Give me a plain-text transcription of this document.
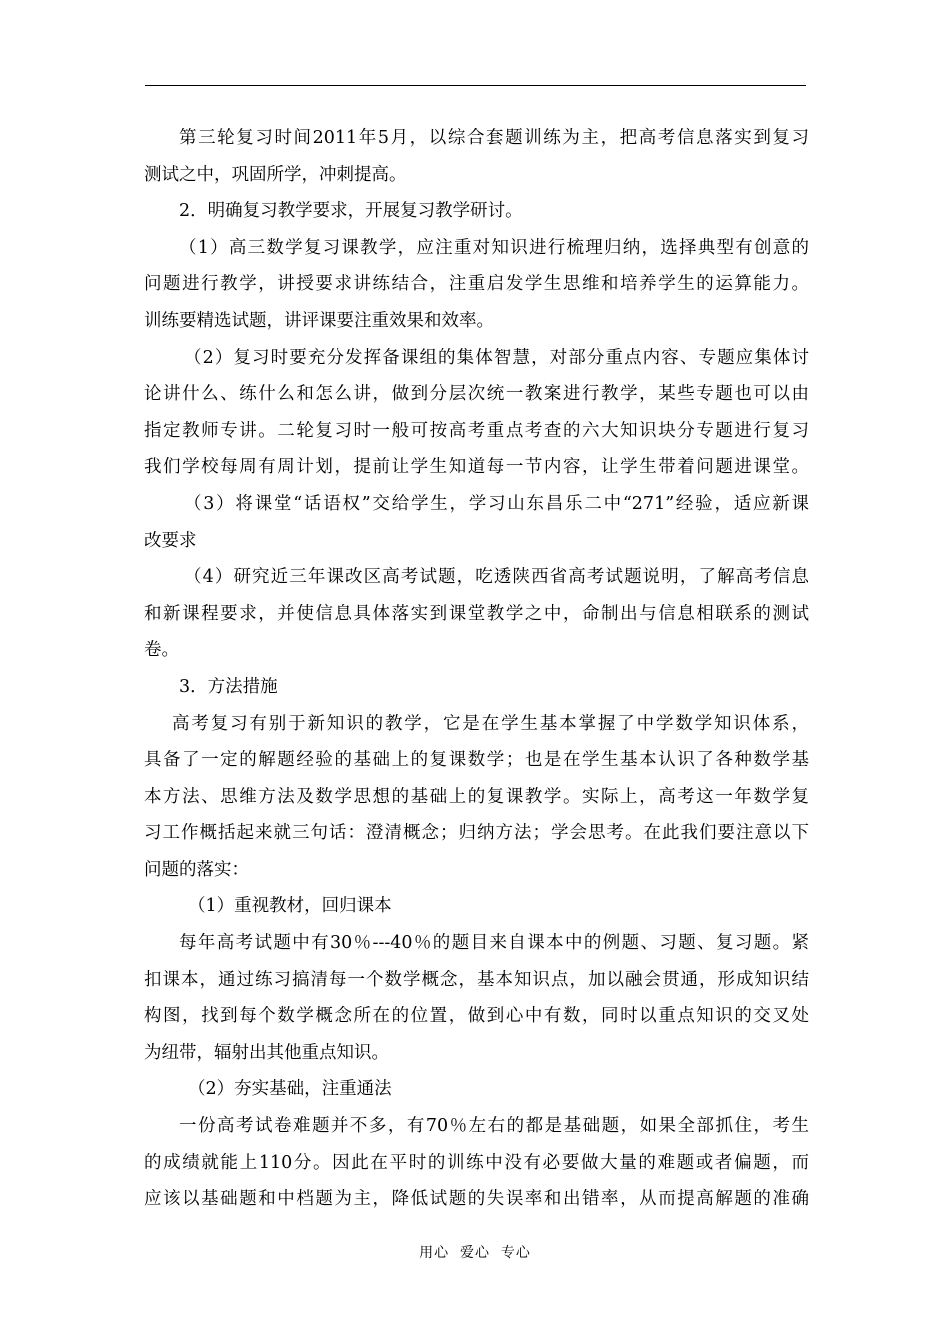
第三轮复习时间2011年5月，以综合套题训练为主，把高考信息落实到复习
测试之中，巩固所学，冲刺提高。
2．明确复习教学要求，开展复习教学研讨。
（1）高三数学复习课教学，应注重对知识进行梳理归纳，选择典型有创意的
问题进行教学，讲授要求讲练结合，注重启发学生思维和培养学生的运算能力。
训练要精选试题，讲评课要注重效果和效率。
（2）复习时要充分发挥备课组的集体智慧，对部分重点内容、专题应集体讨
论讲什么、练什么和怎么讲，做到分层次统一教案进行教学，某些专题也可以由
指定教师专讲。二轮复习时一般可按高考重点考查的六大知识块分专题进行复习
我们学校每周有周计划，提前让学生知道每一节内容，让学生带着问题进课堂。
（3）将课堂“话语权”交给学生，学习山东昌乐二中“271”经验，适应新课
改要求
（4）研究近三年课改区高考试题，吃透陕西省高考试题说明，了解高考信息
和新课程要求，并使信息具体落实到课堂教学之中，命制出与信息相联系的测试
卷。
3．方法措施
高考复习有别于新知识的教学，它是在学生基本掌握了中学数学知识体系，
具备了一定的解题经验的基础上的复课数学；也是在学生基本认识了各种数学基
本方法、思维方法及数学思想的基础上的复课教学。实际上，高考这一年数学复
习工作概括起来就三句话：澄清概念；归纳方法；学会思考。在此我们要注意以下
问题的落实：
（1）重视教材，回归课本
每年高考试题中有30％---40％的题目来自课本中的例题、习题、复习题。紧
扣课本，通过练习搞清每一个数学概念，基本知识点，加以融会贯通，形成知识结
构图，找到每个数学概念所在的位置，做到心中有数，同时以重点知识的交叉处
为纽带，辐射出其他重点知识。
（2）夯实基础，注重通法
一份高考试卷难题并不多，有70％左右的都是基础题，如果全部抓住，考生
的成绩就能上110分。因此在平时的训练中没有必要做大量的难题或者偏题，而
应该以基础题和中档题为主，降低试题的失误率和出错率，从而提高解题的准确
用心  爱心  专心
